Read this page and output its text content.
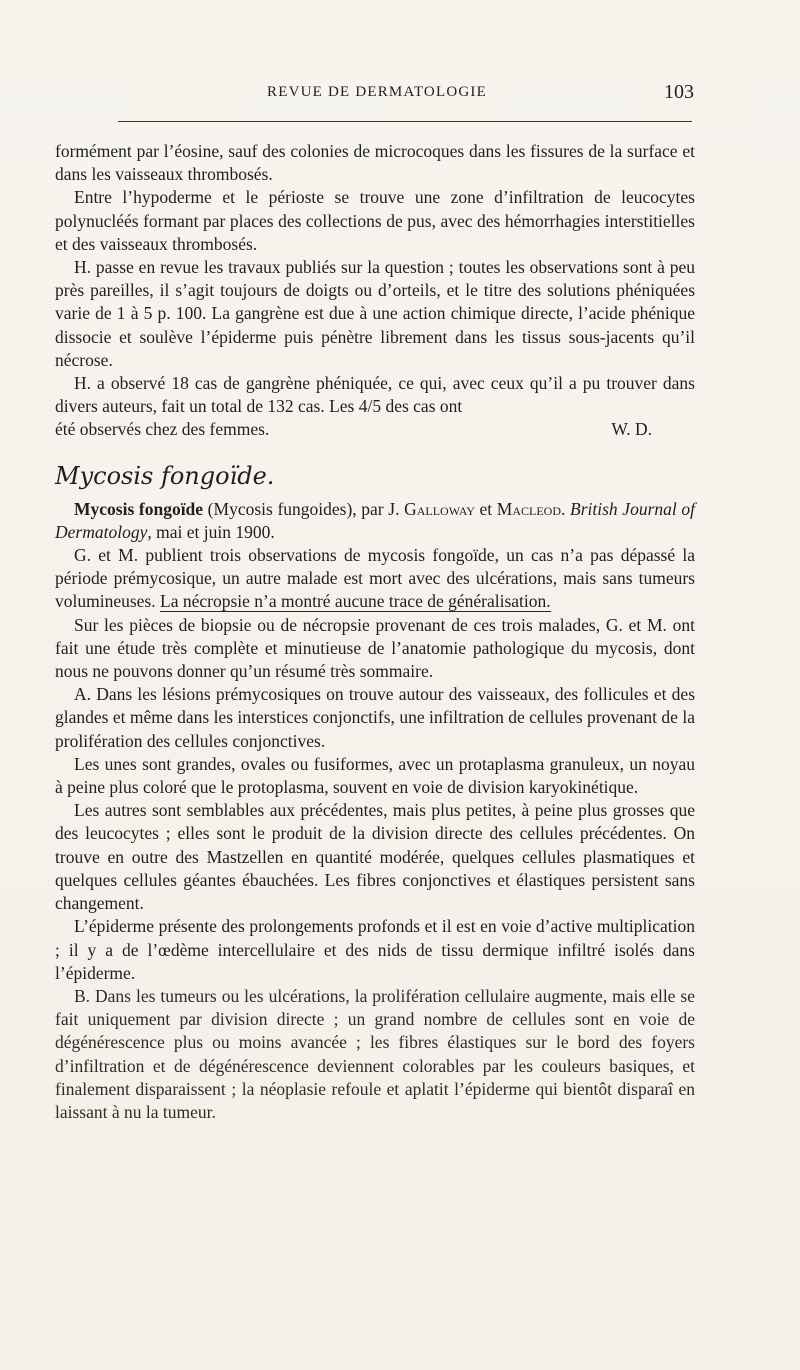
REVUE DE DERMATOLOGIE	103

formément par l’éosine, sauf des colonies de microcoques dans les fissures de la surface et dans les vaisseaux thrombosés.

Entre l’hypoderme et le périoste se trouve une zone d’infiltration de leucocytes polynucléés formant par places des collections de pus, avec des hémorrhagies interstitielles et des vaisseaux thrombosés.

H. passe en revue les travaux publiés sur la question ; toutes les observations sont à peu près pareilles, il s’agit toujours de doigts ou d’orteils, et le titre des solutions phéniquées varie de 1 à 5 p. 100. La gangrène est due à une action chimique directe, l’acide phénique dissocie et soulève l’épiderme puis pénètre librement dans les tissus sous-jacents qu’il nécrose.

H. a observé 18 cas de gangrène phéniquée, ce qui, avec ceux qu’il a pu trouver dans divers auteurs, fait un total de 132 cas. Les 4/5 des cas ont

été observés chez des femmes.	W. D.

Mycosis fongoïde.

Mycosis fongoïde (Mycosis fungoides), par J. Galloway et Macleod. British Journal of Dermatology, mai et juin 1900.

G. et M. publient trois observations de mycosis fongoïde, un cas n’a pas dépassé la période prémycosique, un autre malade est mort avec des ulcérations, mais sans tumeurs volumineuses. La nécropsie n’a montré aucune trace de généralisation.

Sur les pièces de biopsie ou de nécropsie provenant de ces trois malades, G. et M. ont fait une étude très complète et minutieuse de l’anatomie pathologique du mycosis, dont nous ne pouvons donner qu’un résumé très sommaire.

A. Dans les lésions prémycosiques on trouve autour des vaisseaux, des follicules et des glandes et même dans les interstices conjonctifs, une infiltration de cellules provenant de la prolifération des cellules conjonctives.

Les unes sont grandes, ovales ou fusiformes, avec un protaplasma granuleux, un noyau à peine plus coloré que le protoplasma, souvent en voie de division karyokinétique.

Les autres sont semblables aux précédentes, mais plus petites, à peine plus grosses que des leucocytes ; elles sont le produit de la division directe des cellules précédentes. On trouve en outre des Mastzellen en quantité modérée, quelques cellules plasmatiques et quelques cellules géantes ébauchées. Les fibres conjonctives et élastiques persistent sans changement.

L’épiderme présente des prolongements profonds et il est en voie d’active multiplication ; il y a de l’œdème intercellulaire et des nids de tissu dermique infiltré isolés dans l’épiderme.

B. Dans les tumeurs ou les ulcérations, la prolifération cellulaire augmente, mais elle se fait uniquement par division directe ; un grand nombre de cellules sont en voie de dégénérescence plus ou moins avancée ; les fibres élastiques sur le bord des foyers d’infiltration et de dégénérescence deviennent colorables par les couleurs basiques, et finalement disparaissent ; la néoplasie refoule et aplatit l’épiderme qui bientôt disparaî en laissant à nu la tumeur.
